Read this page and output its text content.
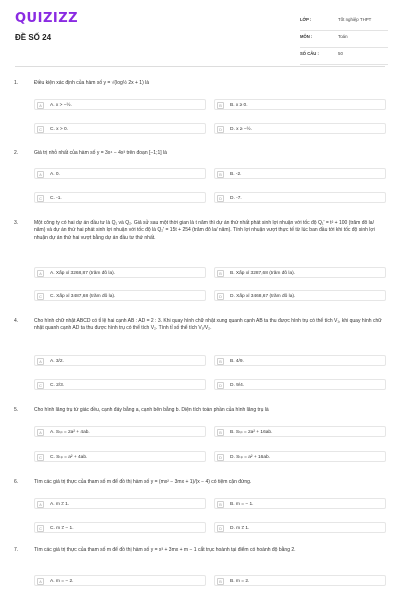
QUIZIZZ
ĐỀ SỐ 24
LỚP :	Tốt nghiệp THPT
MÔN :	Toán
SỐ CÂU :	50
1.	Điều kiện xác định của hàm số y = √(log½ 2x + 1) là
A	A. x > −½.	B	B. x ≥ 0.
C	C. x > 0.	D	D. x ≥ −½.
2.	Giá trị nhỏ nhất của hàm số y = 3x⁴ − 4x³ trên đoạn [−1;1] là
A	A. 0.	B	B. -2.
C	C. -1.	D	D. -7.
3.	Một công ty có hai dự án đầu tư là Q₁ và Q₂. Giả sử sau một thời gian là t năm thì dự án thứ nhất phát sinh lợi nhuận với tốc độ Q₁' = t² + 100 (trăm đô la/ năm) và dự án thứ hai phát sinh lợi nhuận với tốc độ là Q₂' = 15t + 254 (trăm đô la/ năm). Tính lợi nhuận vượt thực tế từ lúc ban đầu tới khi tốc độ sinh lợi nhuận dự án thứ hai vượt bằng dự án đầu tư thứ nhất.
A	A. Xấp xỉ 3268,87 (trăm đô la).	B	B. Xấp xỉ 3287,68 (trăm đô la).
C	C. Xấp xỉ 3487,68 (trăm đô la).	D	D. Xấp xỉ 3468,67 (trăm đô la).
4.	Cho hình chữ nhật ABCD có tỉ lệ hai cạnh AB : AD = 2 : 3. Khi quay hình chữ nhật xung quanh cạnh AB ta thu được hình trụ có thể tích V₁, khi quay hình chữ nhật quanh cạnh AD ta thu được hình trụ có thể tích V₂. Tính tỉ số thể tích V₁/V₂.
A	A. 3/2.	B	B. 4/9.
C	C. 2/3.	D	D. 9/4.
5.	Cho hình lăng trụ tứ giác đều, cạnh đáy bằng a, cạnh bên bằng b. Diện tích toàn phần của hình lăng trụ là
A	A. Sₜₚ = 2a² + 4ab.	B	B. Sₜₚ = 2a² + 16ab.
C	C. Sₜₚ = a² + 4ab.	D	D. Sₜₚ = a² + 16ab.
6.	Tìm các giá trị thực của tham số m để đồ thị hàm số y = (mx² − 3mx + 1)/(x − 4) có tiệm cận đứng.
A	A. m ≠ 1.	B	B. m = − 1.
C	C. m ≠ − 1.	D	D. m ≠ 1.
7.	Tìm các giá trị thực của tham số m để đồ thị hàm số y = x³ + 3mx + m − 1 cắt trục hoành tại điểm có hoành độ bằng 2.
A	A. m = − 2.	B	B. m = 2.
